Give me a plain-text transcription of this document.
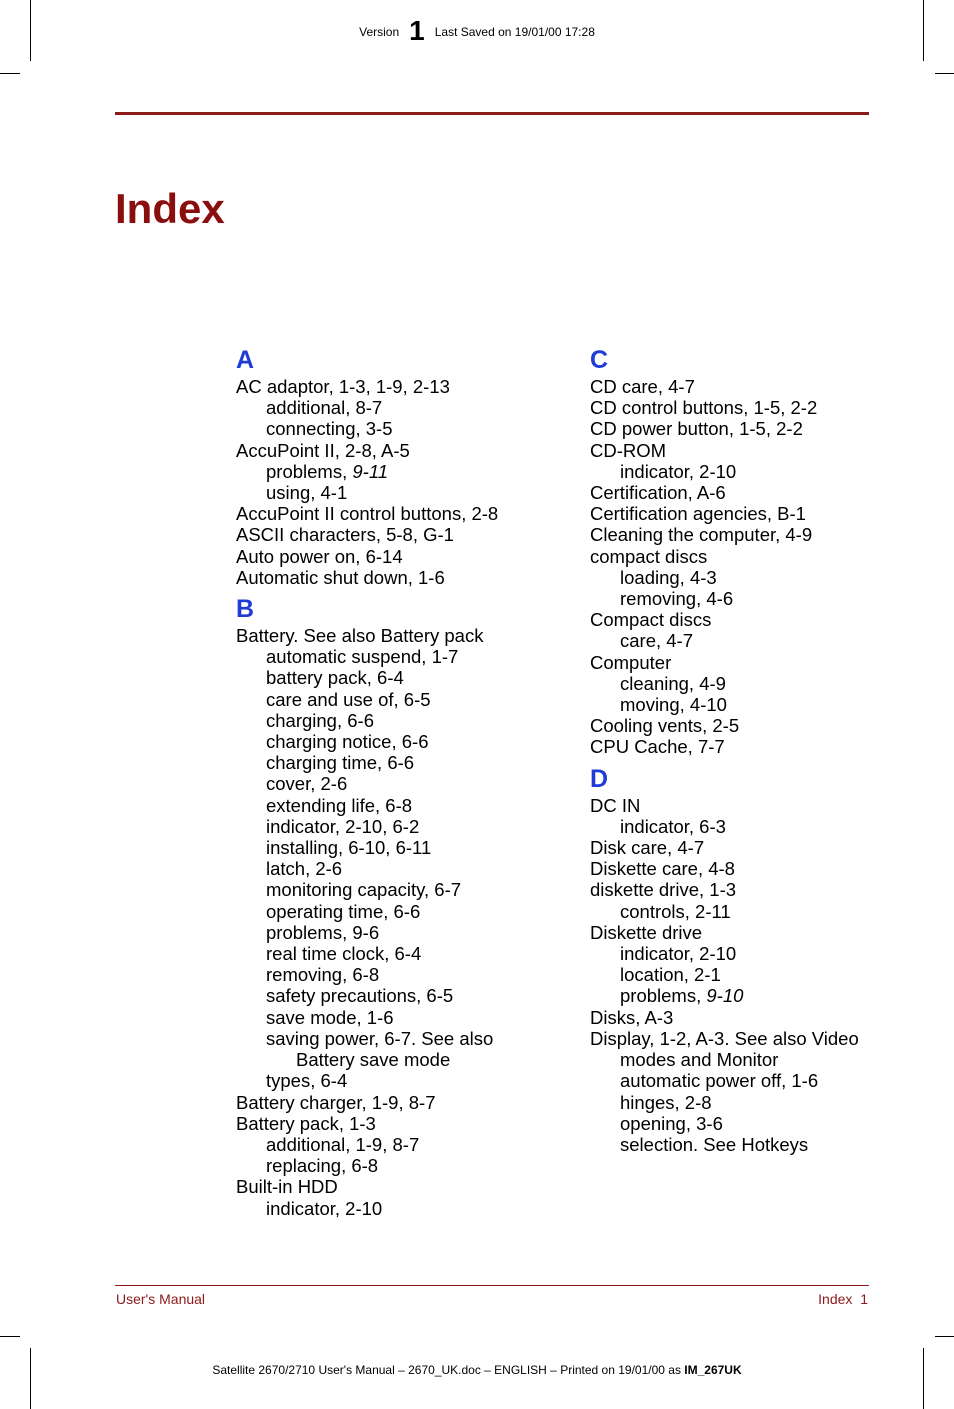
Version 1 Last Saved on 19/01/00 17:28
Index
A
AC adaptor, 1-3, 1-9, 2-13
additional, 8-7
connecting, 3-5
AccuPoint II, 2-8, A-5
problems, 9-11
using, 4-1
AccuPoint II control buttons, 2-8
ASCII characters, 5-8, G-1
Auto power on, 6-14
Automatic shut down, 1-6
B
Battery. See also Battery pack
automatic suspend, 1-7
battery pack, 6-4
care and use of, 6-5
charging, 6-6
charging notice, 6-6
charging time, 6-6
cover, 2-6
extending life, 6-8
indicator, 2-10, 6-2
installing, 6-10, 6-11
latch, 2-6
monitoring capacity, 6-7
operating time, 6-6
problems, 9-6
real time clock, 6-4
removing, 6-8
safety precautions, 6-5
save mode, 1-6
saving power, 6-7. See also
Battery save mode
types, 6-4
Battery charger, 1-9, 8-7
Battery pack, 1-3
additional, 1-9, 8-7
replacing, 6-8
Built-in HDD
indicator, 2-10
C
CD care, 4-7
CD control buttons, 1-5, 2-2
CD power button, 1-5, 2-2
CD-ROM
indicator, 2-10
Certification, A-6
Certification agencies, B-1
Cleaning the computer, 4-9
compact discs
loading, 4-3
removing, 4-6
Compact discs
care, 4-7
Computer
cleaning, 4-9
moving, 4-10
Cooling vents, 2-5
CPU Cache, 7-7
D
DC IN
indicator, 6-3
Disk care, 4-7
Diskette care, 4-8
diskette drive, 1-3
controls, 2-11
Diskette drive
indicator, 2-10
location, 2-1
problems, 9-10
Disks, A-3
Display, 1-2, A-3. See also Video
modes and Monitor
automatic power off, 1-6
hinges, 2-8
opening, 3-6
selection. See Hotkeys
User's Manual	Index  1
Satellite 2670/2710 User's Manual – 2670_UK.doc – ENGLISH – Printed on 19/01/00 as IM_267UK
